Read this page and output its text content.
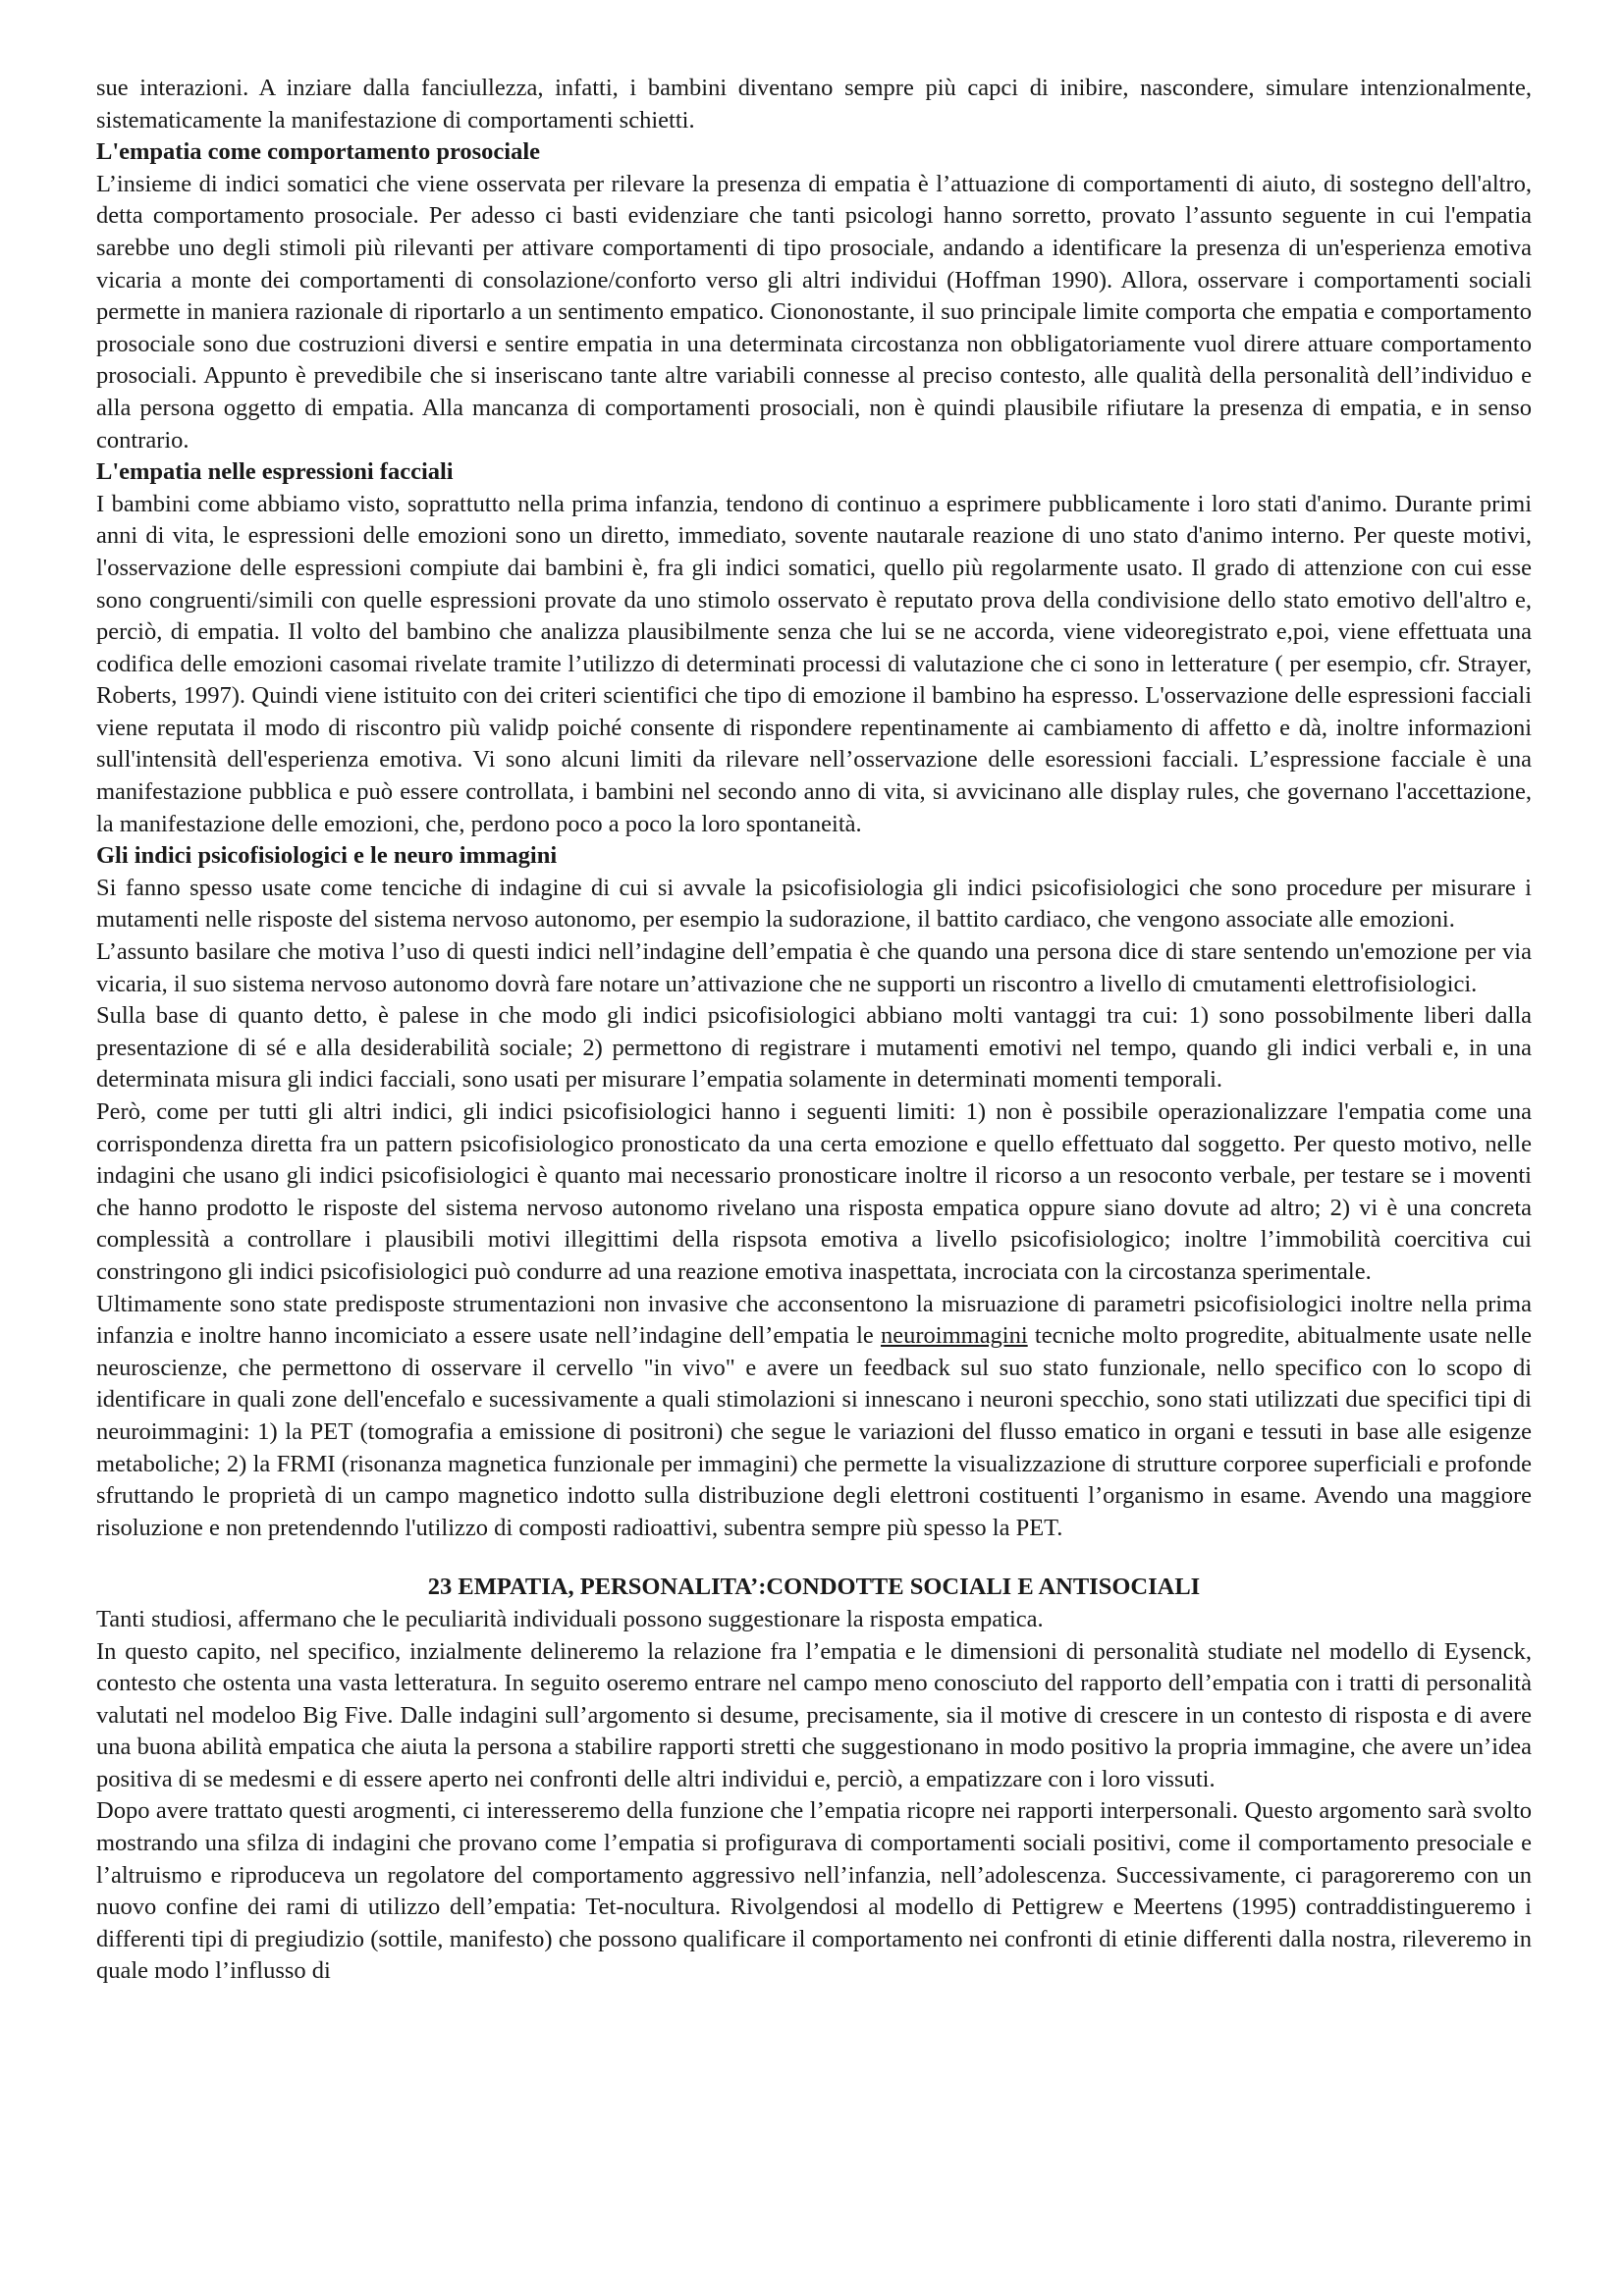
sue interazioni. A inziare dalla fanciullezza, infatti, i bambini diventano sempre più capci di inibire, nascondere, simulare intenzionalmente, sistematicamente la manifestazione di comportamenti schietti.

L'empatia come comportamento prosociale

L’insieme di indici somatici che viene osservata per rilevare la presenza di empatia è l’attuazione di comportamenti di aiuto, di sostegno dell'altro, detta comportamento prosociale. Per adesso ci basti evidenziare che tanti psicologi hanno sorretto, provato l’assunto seguente in cui l'empatia sarebbe uno degli stimoli più rilevanti per attivare comportamenti di tipo prosociale, andando a identificare la presenza di un'esperienza emotiva vicaria a monte dei comportamenti di consolazione/conforto verso gli altri individui (Hoffman 1990). Allora, osservare i comportamenti sociali permette in maniera razionale di riportarlo a un sentimento empatico. Ciononostante, il suo principale limite comporta che empatia e comportamento prosociale sono due costruzioni diversi e sentire empatia in una determinata circostanza non obbligatoriamente vuol direre attuare comportamento prosociali. Appunto è prevedibile che si inseriscano tante altre variabili connesse al preciso contesto, alle qualità della personalità dell’individuo e alla persona oggetto di empatia. Alla mancanza di comportamenti prosociali, non è quindi plausibile rifiutare la presenza di empatia, e in senso contrario.

L'empatia nelle espressioni facciali

I bambini come abbiamo visto, soprattutto nella prima infanzia, tendono di continuo a esprimere pubblicamente i loro stati d'animo. Durante primi anni di vita, le espressioni delle emozioni sono un diretto, immediato, sovente nautarale reazione di uno stato d'animo interno. Per queste motivi, l'osservazione delle espressioni compiute dai bambini è, fra gli indici somatici, quello più regolarmente usato. Il grado di attenzione con cui esse sono congruenti/simili con quelle espressioni provate da uno stimolo osservato è reputato prova della condivisione dello stato emotivo dell'altro e, perciò, di empatia. Il volto del bambino che analizza plausibilmente senza che lui se ne accorda, viene videoregistrato e,poi, viene effettuata una codifica delle emozioni casomai rivelate tramite l’utilizzo di determinati processi di valutazione che ci sono in letterature ( per esempio, cfr. Strayer, Roberts, 1997). Quindi viene istituito con dei criteri scientifici che tipo di emozione il bambino ha espresso. L'osservazione delle espressioni facciali viene reputata il modo di riscontro più validp poiché consente di rispondere repentinamente ai cambiamento di affetto e dà, inoltre informazioni sull'intensità dell'esperienza emotiva. Vi sono alcuni limiti da rilevare nell’osservazione delle esoressioni facciali. L’espressione facciale è una manifestazione pubblica e può essere controllata, i bambini nel secondo anno di vita, si avvicinano alle display rules, che governano l'accettazione, la manifestazione delle emozioni, che, perdono poco a poco la loro spontaneità.

Gli indici psicofisiologici e le neuro immagini

Si fanno spesso usate come tenciche di indagine di cui si avvale la psicofisiologia gli indici psicofisiologici che sono procedure per misurare i mutamenti nelle risposte del sistema nervoso autonomo, per esempio la sudorazione, il battito cardiaco, che vengono associate alle emozioni.

L’assunto basilare che motiva l’uso di questi indici nell’indagine dell’empatia è che quando una persona dice di stare sentendo un'emozione per via vicaria, il suo sistema nervoso autonomo dovrà fare notare un’attivazione che ne supporti un riscontro a livello di cmutamenti elettrofisiologici.

Sulla base di quanto detto, è palese in che modo gli indici psicofisiologici abbiano molti vantaggi tra cui: 1) sono possobilmente liberi dalla presentazione di sé e alla desiderabilità sociale; 2) permettono di registrare i mutamenti emotivi nel tempo, quando gli indici verbali e, in una determinata misura gli indici facciali, sono usati per misurare l’empatia solamente in determinati momenti temporali.

Però, come per tutti gli altri indici, gli indici psicofisiologici hanno i seguenti limiti: 1) non è possibile operazionalizzare l'empatia come una corrispondenza diretta fra un pattern psicofisiologico pronosticato da una certa emozione e quello effettuato dal soggetto. Per questo motivo, nelle indagini che usano gli indici psicofisiologici è quanto mai necessario pronosticare inoltre il ricorso a un resoconto verbale, per testare se i moventi che hanno prodotto le risposte del sistema nervoso autonomo rivelano una risposta empatica oppure siano dovute ad altro; 2) vi è una concreta complessità a controllare i plausibili motivi illegittimi della rispsota emotiva a livello psicofisiologico; inoltre l’immobilità coercitiva cui constringono gli indici psicofisiologici può condurre ad una reazione emotiva inaspettata, incrociata con la circostanza sperimentale.

Ultimamente sono state predisposte strumentazioni non invasive che acconsentono la misruazione di parametri psicofisiologici inoltre nella prima infanzia e inoltre hanno incomiciato a essere usate nell’indagine dell’empatia le neuroimmagini tecniche molto progredite, abitualmente usate nelle neuroscienze, che permettono di osservare il cervello "in vivo" e avere un feedback sul suo stato funzionale, nello specifico con lo scopo di identificare in quali zone dell'encefalo e sucessivamente a quali stimolazioni si innescano i neuroni specchio, sono stati utilizzati due specifici tipi di neuroimmagini: 1) la PET (tomografia a emissione di positroni) che segue le variazioni del flusso ematico in organi e tessuti in base alle esigenze metaboliche; 2) la FRMI (risonanza magnetica funzionale per immagini) che permette la visualizzazione di strutture corporee superficiali e profonde sfruttando le proprietà di un campo magnetico indotto sulla distribuzione degli elettroni costituenti l’organismo in esame. Avendo una maggiore risoluzione e non pretendenndo l'utilizzo di composti radioattivi, subentra sempre più spesso la PET.

23 EMPATIA, PERSONALITA’:CONDOTTE SOCIALI E ANTISOCIALI

Tanti studiosi, affermano che le peculiarità individuali possono suggestionare la risposta empatica.

In questo capito, nel specifico, inzialmente delineremo la relazione fra l’empatia e le dimensioni di personalità studiate nel modello di Eysenck, contesto che ostenta una vasta letteratura. In seguito oseremo entrare nel campo meno conosciuto del rapporto dell’empatia con i tratti di personalità valutati nel modeloo Big Five. Dalle indagini sull’argomento si desume, precisamente, sia il motive di crescere in un contesto di risposta e di avere una buona abilità empatica che aiuta la persona a stabilire rapporti stretti che suggestionano in modo positivo la propria immagine, che avere un’idea positiva di se medesmi e di essere aperto nei confronti delle altri individui e, perciò, a empatizzare con i loro vissuti.

Dopo avere trattato questi arogmenti, ci interesseremo della funzione che l’empatia ricopre nei rapporti interpersonali. Questo argomento sarà svolto mostrando una sfilza di indagini che provano come l’empatia si profigurava di comportamenti sociali positivi, come il comportamento presociale e l’altruismo e riproduceva un regolatore del comportamento aggressivo nell’infanzia, nell’adolescenza. Successivamente, ci paragoreremo con un nuovo confine dei rami di utilizzo dell’empatia: Tet-nocultura. Rivolgendosi al modello di Pettigrew e Meertens (1995) contraddistingueremo i differenti tipi di pregiudizio (sottile, manifesto) che possono qualificare il comportamento nei confronti di etinie differenti dalla nostra, rileveremo in quale modo l’influsso di
